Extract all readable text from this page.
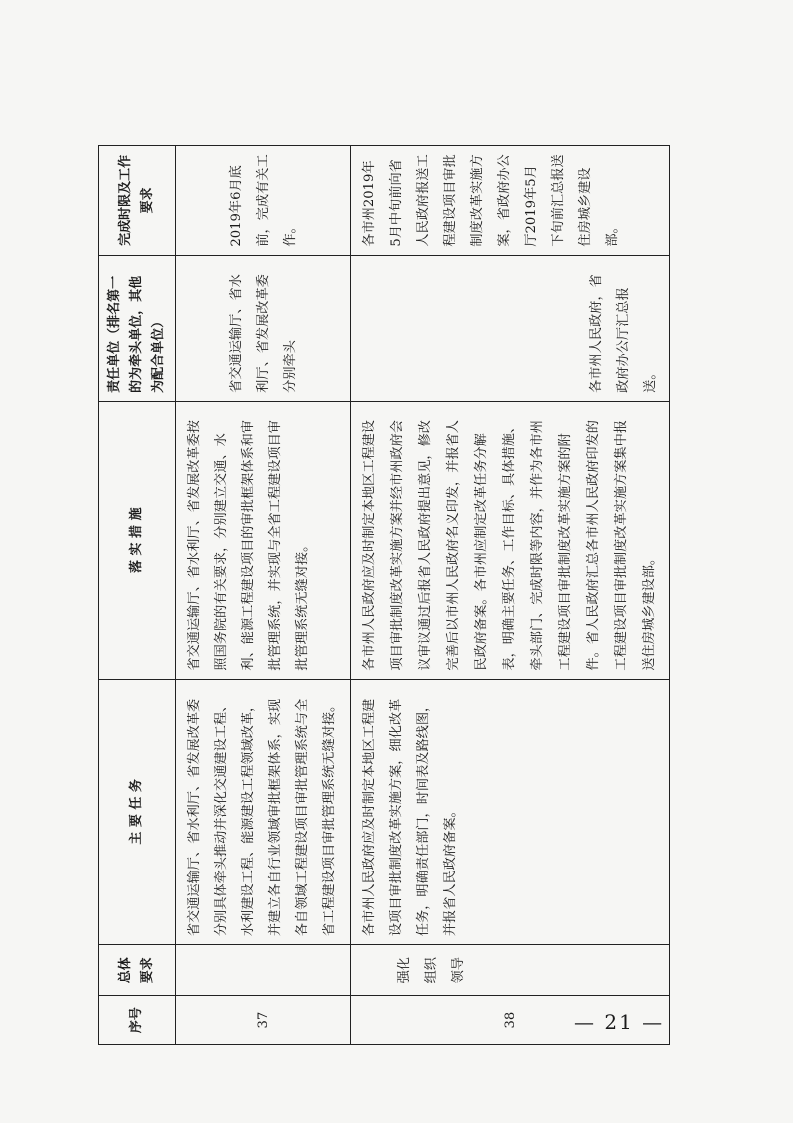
序号	总体要求	主 要 任 务	落 实 措 施	责任单位（排名第一的为牵头单位，其他为配合单位）	完成时限及工作要求
37		省交通运输厅、省水利厅、省发展改革委分别具体牵头推动并深化交通建设工程、水利建设工程、能源建设工程领域改革，并建立各自行业领域审批框架体系，实现各自领域工程建设项目审批管理系统与全省工程建设项目审批管理系统无缝对接。	省交通运输厅、省水利厅、省发展改革委按照国务院的有关要求，分别建立交通、水利、能源工程建设项目的审批框架体系和审批管理系统，并实现与全省工程建设项目审批管理系统无缝对接。	省交通运输厅、省水利厅、省发展改革委分别牵头	2019年6月底前，完成有关工作。
38	强化组织领导	各市州人民政府应及时制定本地区工程建设项目审批制度改革实施方案，细化改革任务，明确责任部门，时间表及路线图，并报省人民政府备案。	各市州人民政府应及时制定本地区工程建设项目审批制度改革实施方案并经市州政府会议审议通过后报省人民政府提出意见，修改完善后以市州人民政府名义印发，并报省人民政府备案。各市州应制定改革任务分解表，明确主要任务、工作目标、具体措施、牵头部门、完成时限等内容，并作为各市州工程建设项目审批制度改革实施方案的附件。省人民政府汇总各市州人民政府印发的工程建设项目审批制度改革实施方案集中报送住房城乡建设部。	各市州人民政府，省政府办公厅汇总报送。	各市州2019年5月中旬前向省人民政府报送工程建设项目审批制度改革实施方案，省政府办公厅2019年5月下旬前汇总报送住房城乡建设部。
— 21 —
